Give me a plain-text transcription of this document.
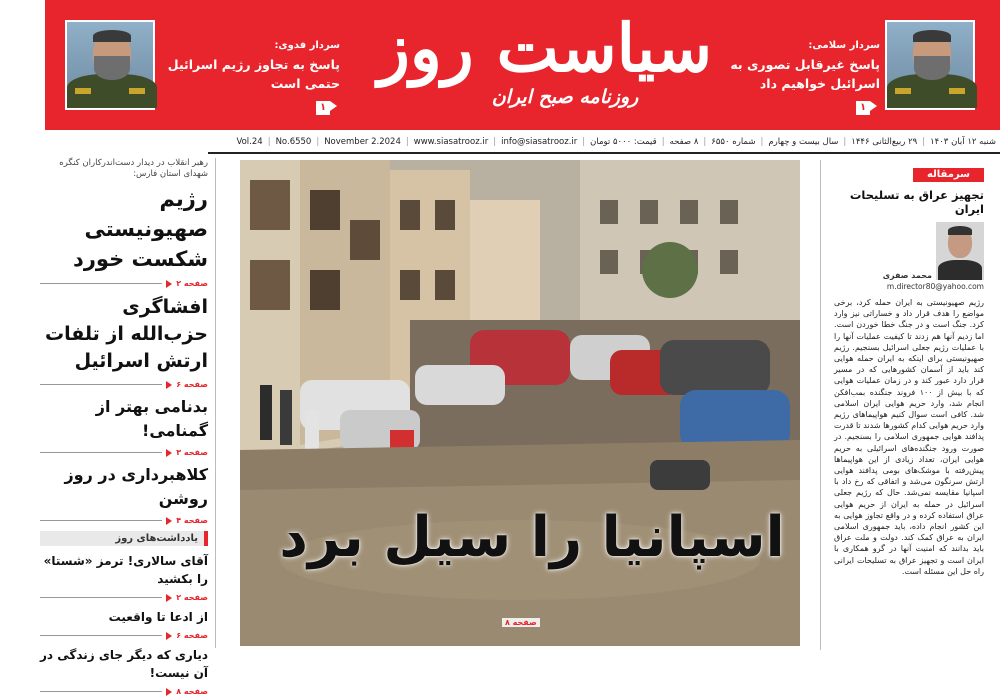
سردار سلامی:
پاسخ غیرقابل تصوری به اسرائیل خواهیم داد
۱
سیاست روز
روزنامه صبح ایران
سردار فدوی:
پاسخ به تجاوز رژیم اسرائیل حتمی است
۱
شنبه ۱۲ آبان ۱۴۰۳
|
۲۹ ربیع‌الثانی ۱۴۴۶
|
سال بیست و چهارم
|
شماره ۶۵۵۰
|
۸ صفحه
|
قیمت: ۵۰۰۰ تومان
|
info@siasatrooz.ir
|
www.siasatrooz.ir
|
November 2.2024
|
No.6550
|
Vol.24
رهبر انقلاب در دیدار دست‌اندرکاران کنگره شهدای استان فارس:
رژیم صهیونیستی شکست خورد
صفحه ۲
افشاگری حزب‌الله از تلفات ارتش اسرائیل
صفحه ۶
بدنامی بهتر از گمنامی!
صفحه ۳
کلاهبرداری در روز روشن
صفحه ۴
یادداشت‌های روز
آقای سالاری! ترمز «شستا» را بکشید
صفحه ۲
از ادعا تا واقعیت
صفحه ۶
دیاری که دیگر جای زندگی در آن نیست!
صفحه ۸
صفحه ۸
اسپانیا را سیل برد
سرمقاله
تجهیز عراق به تسلیحات ایران
محمد صفری
m.director80@yahoo.com
رژیم صهیونیستی به ایران حمله کرد، برخی مواضع را هدف قرار داد و خساراتی نیز وارد کرد. جنگ است و در جنگ خطا خوردن است. اما زدیم آنها هم زدند تا کیفیت عملیات آنها را با عملیات رژیم جعلی اسرائیل بسنجیم. رژیم صهیونیستی برای اینکه به ایران حمله هوایی کند باید از آسمان کشورهایی که در مسیر قرار دارد عبور کند و در زمان عملیات هوایی که با بیش از ۱۰۰ فروند جنگنده بمب‌افکن انجام شد، وارد حریم هوایی ایران اسلامی شد. کافی است سوال کنیم هواپیماهای رژیم وارد حریم هوایی کدام کشورها شدند تا قدرت پدافند هوایی جمهوری اسلامی را بسنجیم. در صورت ورود جنگنده‌های اسرائیلی به حریم هوایی ایران، تعداد زیادی از این هواپیماها پیش‌رفته با موشک‌های بومی پدافند هوایی ارتش سرنگون می‌شد و اتفاقی که رخ داد با اسپانیا مقایسه نمی‌شد. حال که رژیم جعلی اسرائیل در حمله به ایران از حریم هوایی عراق استفاده کرده و در واقع تجاوز هوایی به این کشور انجام داده، باید جمهوری اسلامی ایران به عراق کمک کند. دولت و ملت عراق باید بدانند که امنیت آنها در گرو همکاری با ایران است و تجهیز عراق به تسلیحات ایرانی راه حل این مسئله است.
